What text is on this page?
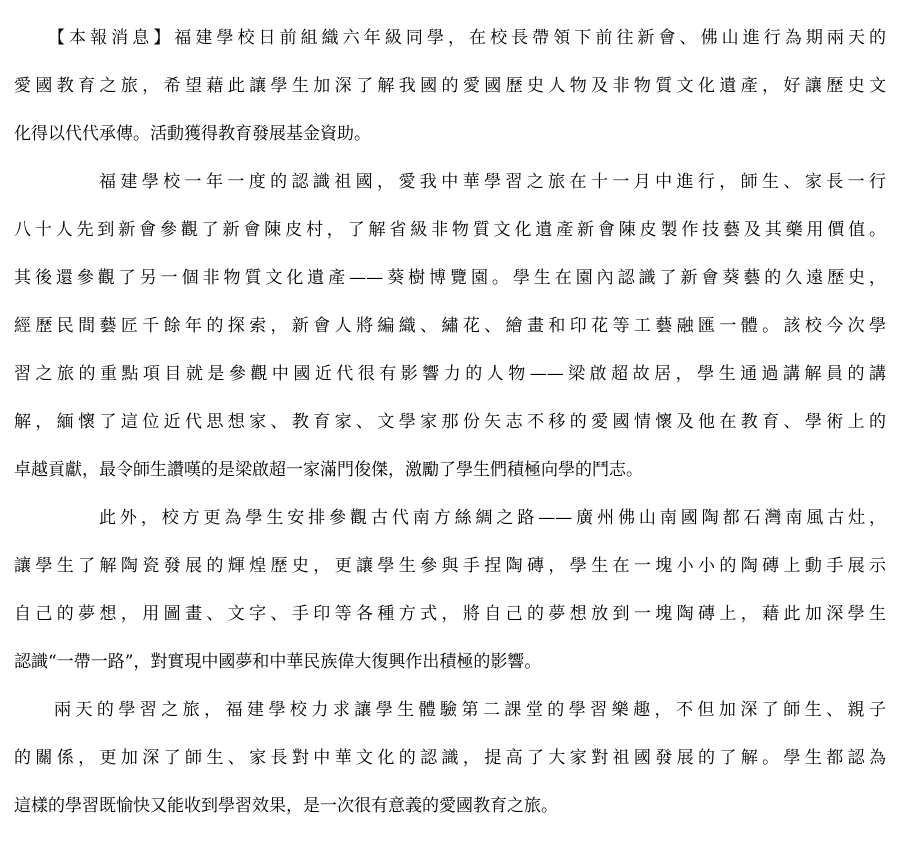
【本報消息】福建學校日前組織六年級同學，在校長帶領下前往新會、佛山進行為期兩天的
愛國教育之旅，希望藉此讓學生加深了解我國的愛國歷史人物及非物質文化遺產，好讓歷史文
化得以代代承傳。活動獲得教育發展基金資助。
福建學校一年一度的認識祖國，愛我中華學習之旅在十一月中進行，師生、家長一行
八十人先到新會參觀了新會陳皮村，了解省級非物質文化遺產新會陳皮製作技藝及其藥用價值。
其後還參觀了另一個非物質文化遺產——葵樹博覽園。學生在園內認識了新會葵藝的久遠歷史，
經歷民間藝匠千餘年的探索，新會人將編織、繡花、繪畫和印花等工藝融匯一體。該校今次學
習之旅的重點項目就是參觀中國近代很有影響力的人物——梁啟超故居，學生通過講解員的講
解，緬懷了這位近代思想家、教育家、文學家那份矢志不移的愛國情懷及他在教育、學術上的
卓越貢獻，最令師生讚嘆的是梁啟超一家滿門俊傑，激勵了學生們積極向學的鬥志。
此外，校方更為學生安排參觀古代南方絲綢之路——廣州佛山南國陶都石灣南風古灶，
讓學生了解陶瓷發展的輝煌歷史，更讓學生參與手捏陶磚，學生在一塊小小的陶磚上動手展示
自己的夢想，用圖畫、文字、手印等各種方式，將自己的夢想放到一塊陶磚上，藉此加深學生
認識“一帶一路”，對實現中國夢和中華民族偉大復興作出積極的影響。
兩天的學習之旅，福建學校力求讓學生體驗第二課堂的學習樂趣，不但加深了師生、親子
的關係，更加深了師生、家長對中華文化的認識，提高了大家對祖國發展的了解。學生都認為
這樣的學習既愉快又能收到學習效果，是一次很有意義的愛國教育之旅。
